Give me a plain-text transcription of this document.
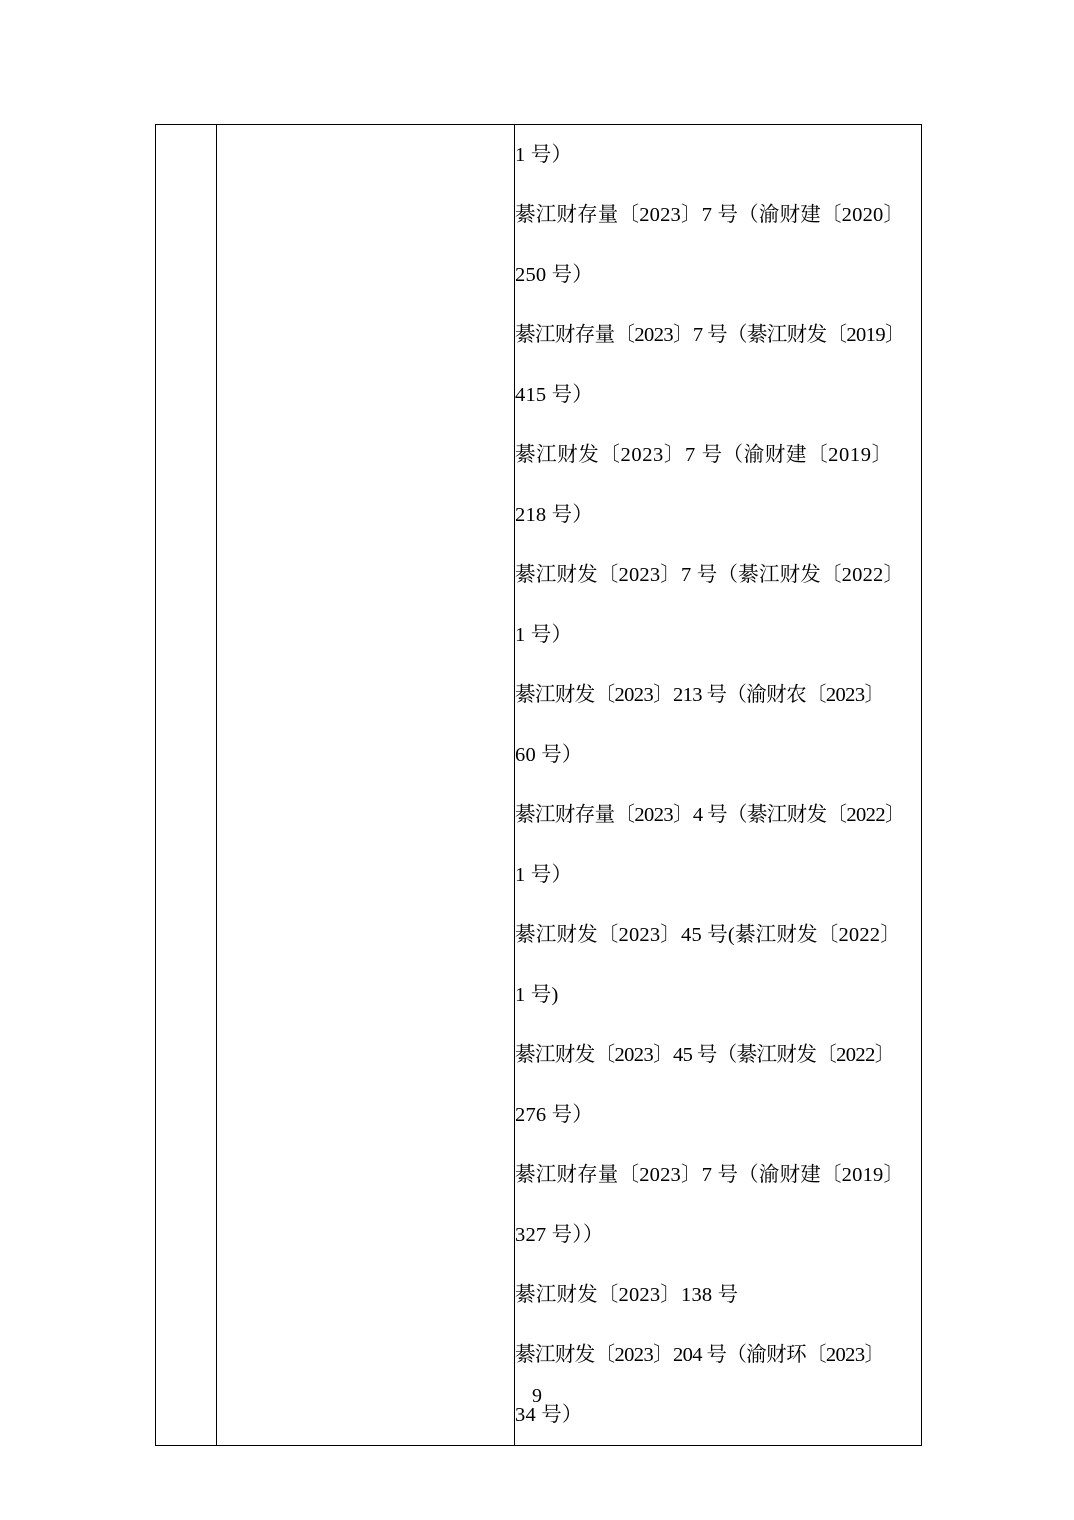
1 号）
綦江财存量〔2023〕7 号（渝财建〔2020〕
250 号）
綦江财存量〔2023〕7 号（綦江财发〔2019〕
415 号）
綦江财发〔2023〕7 号（渝财建〔2019〕
218 号）
綦江财发〔2023〕7 号（綦江财发〔2022〕
1 号）
綦江财发〔2023〕213 号（渝财农〔2023〕
60 号）
綦江财存量〔2023〕4 号（綦江财发〔2022〕
1 号）
綦江财发〔2023〕45 号(綦江财发〔2022〕
1 号)
綦江财发〔2023〕45 号（綦江财发〔2022〕
276 号）
綦江财存量〔2023〕7 号（渝财建〔2019〕
327 号））
綦江财发〔2023〕138 号
綦江财发〔2023〕204 号（渝财环〔2023〕
34 号）
9
